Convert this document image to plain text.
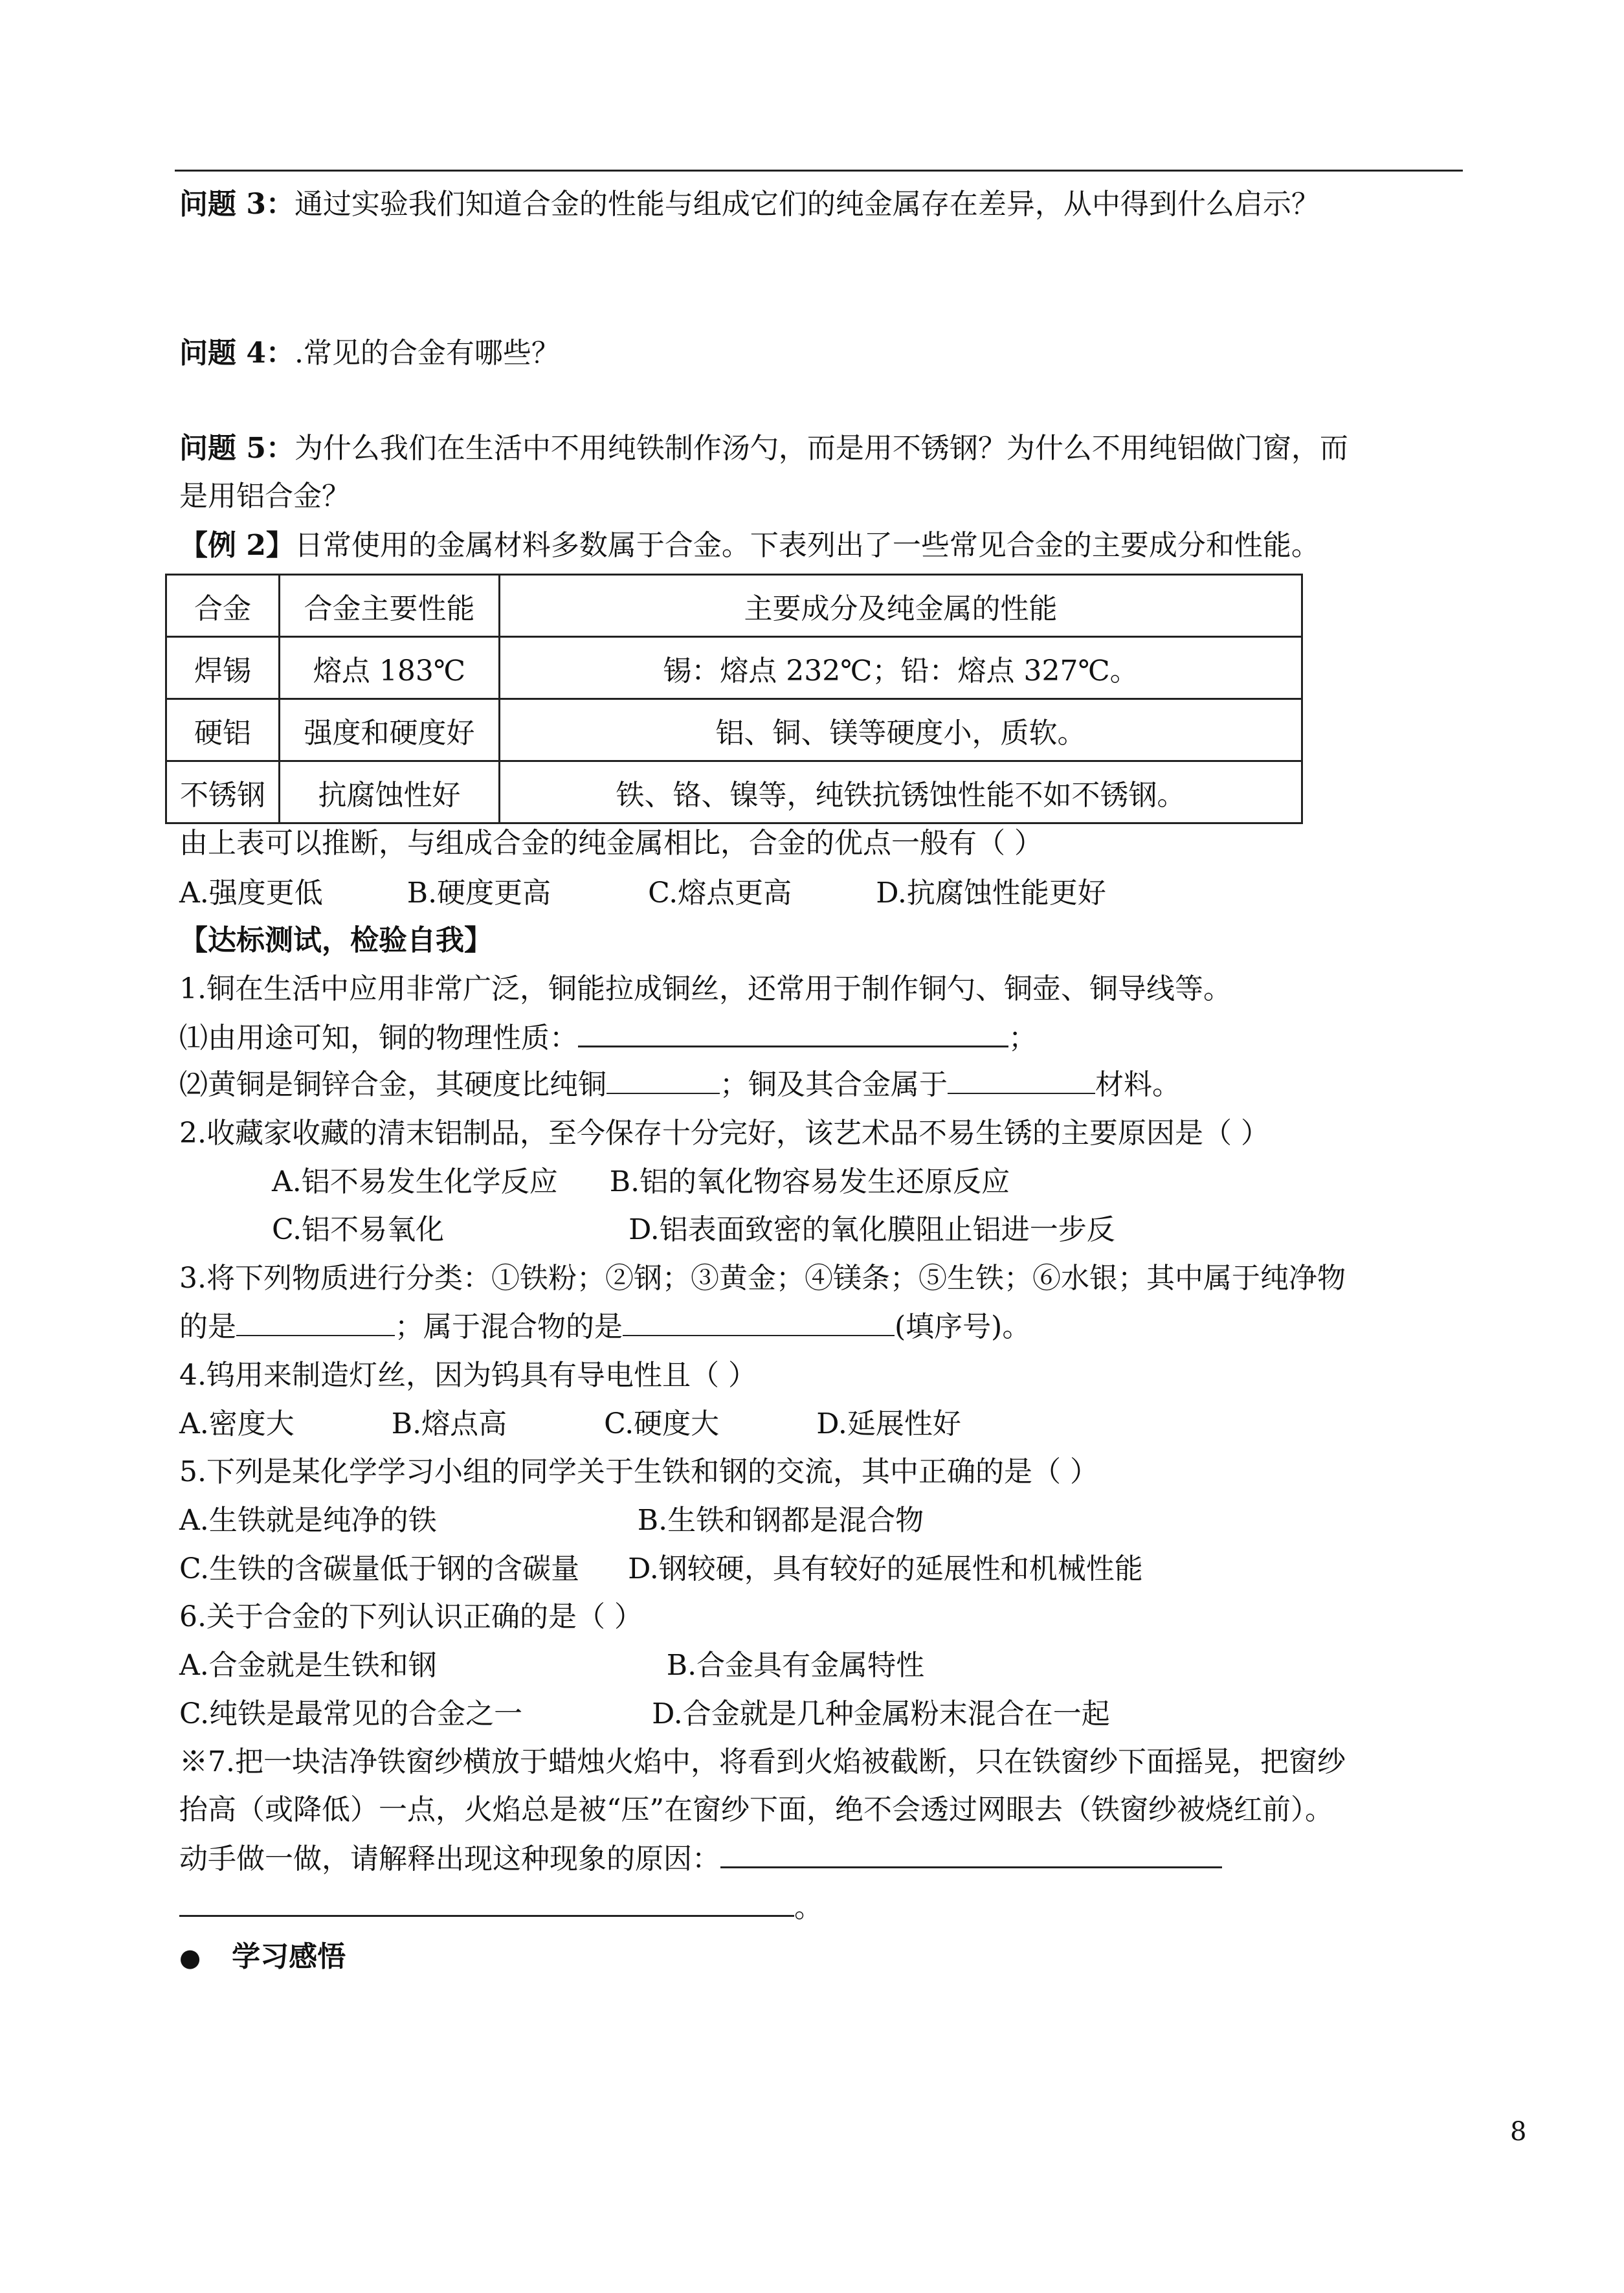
问题 3：通过实验我们知道合金的性能与组成它们的纯金属存在差异，从中得到什么启示？
问题 4：.常见的合金有哪些？
问题 5：为什么我们在生活中不用纯铁制作汤勺，而是用不锈钢？为什么不用纯铝做门窗，而
是用铝合金？
【例 2】日常使用的金属材料多数属于合金。下表列出了一些常见合金的主要成分和性能。
合金	合金主要性能	主要成分及纯金属的性能
焊锡	熔点 183℃	锡：熔点 232℃；铅：熔点 327℃。
硬铝	强度和硬度好	铝、铜、镁等硬度小，质软。
不锈钢	抗腐蚀性好	铁、铬、镍等，纯铁抗锈蚀性能不如不锈钢。
由上表可以推断，与组成合金的纯金属相比，合金的优点一般有（ ）
A.强度更低	B.硬度更高	C.熔点更高	D.抗腐蚀性能更好
【达标测试，检验自我】
1.铜在生活中应用非常广泛，铜能拉成铜丝，还常用于制作铜勺、铜壶、铜导线等。
⑴由用途可知，铜的物理性质：	；
⑵黄铜是铜锌合金，其硬度比纯铜	；铜及其合金属于	材料。
2.收藏家收藏的清末铝制品，至今保存十分完好，该艺术品不易生锈的主要原因是（ ）
A.铝不易发生化学反应 B.铝的氧化物容易发生还原反应
C.铝不易氧化	D.铝表面致密的氧化膜阻止铝进一步反
3.将下列物质进行分类：①铁粉；②钢；③黄金；④镁条；⑤生铁；⑥水银；其中属于纯净物
的是	；属于混合物的是	(填序号)。
4.钨用来制造灯丝，因为钨具有导电性且（ ）
A.密度大	B.熔点高	C.硬度大	D.延展性好
5.下列是某化学学习小组的同学关于生铁和钢的交流，其中正确的是（ ）
A.生铁就是纯净的铁	B.生铁和钢都是混合物
C.生铁的含碳量低于钢的含碳量 D.钢较硬，具有较好的延展性和机械性能
6.关于合金的下列认识正确的是（ ）
A.合金就是生铁和钢	B.合金具有金属特性
C.纯铁是最常见的合金之一	D.合金就是几种金属粉末混合在一起
※7.把一块洁净铁窗纱横放于蜡烛火焰中，将看到火焰被截断，只在铁窗纱下面摇晃，把窗纱
抬高（或降低）一点，火焰总是被“压”在窗纱下面，绝不会透过网眼去（铁窗纱被烧红前）。
动手做一做，请解释出现这种现象的原因：
。
● 学习感悟
8
